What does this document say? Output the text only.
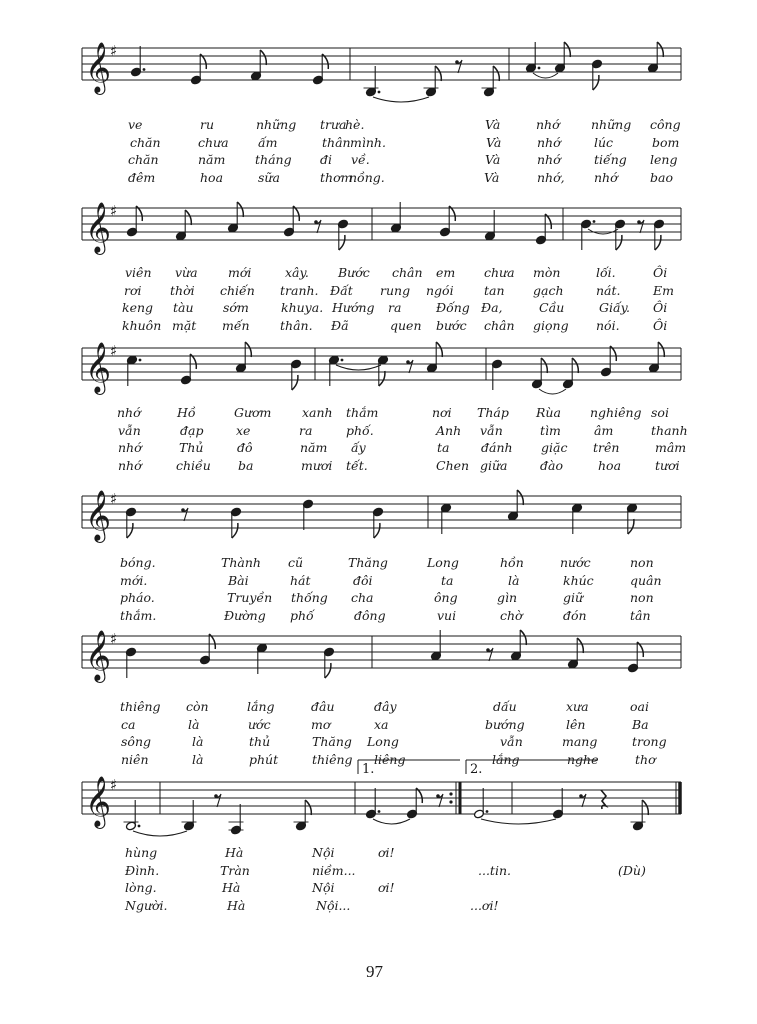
𝄞
♯
𝄞
♯
𝄞
♯
𝄞
♯
𝄞
♯
𝄞
♯
1.	2.
ve	ru	những trưa
hè.	Và	nhớ	những công
chăn	chưa ấm	thân mình.	Và	nhớ	lúc	bom
chăn	năm tháng đi về.	Và	nhớ	tiếng leng
đêm	hoa	sữa	thơm
nồng.	Và	nhớ, nhớ	bao
viên vừa mới	xây. Bước chân em chưa mòn	lối.	Ôi
rơi thời chiến tranh. Đất rung ngói tan gạch	nát.	Em
keng tàu sớm	khuya. Hướng ra	Đống Đa,	Cầu	Giấy. Ôi
khuôn mặt mến thân. Đã	quen bước chân giọng nói.	Ôi
nhớ	Hồ	Gươm xanh thắm	nơi Tháp Rùa nghiêng soi
vẫn	đạp	xe	ra	phố.	Anh vẫn	tìm	âm	thanh
nhớ	Thủ	đô	năm ấy	ta	đánh giặc trên	mâm
nhớ	chiều ba	mươi tết.	Chen giữa	đào	hoa	tươi
bóng.	Thành cũ	Thăng	Long	hồn	nước	non
mới.	Bài	hát	đôi	ta	là	khúc	quân
pháo.	Truyền thống cha	ông	gìn	giữ	non
thắm.	Đường phố	đông	vui	chờ	đón	tân
thiêng còn	lắng	đâu	đây	dấu	xưa	oai
ca	là	ước	mơ	xa	bướng	lên	Ba
sông	là	thủ	Thăng Long	vẫn	mang	trong
niên	là	phút	thiêng liêng	lắng	nghe	thơ
hùng	Hà	Nội	ơi!
Đình.	Tràn	niềm...	...tin.	(Dù)
lòng.	Hà	Nội	ơi!
Người.	Hà	Nội...	...ơi!
97
